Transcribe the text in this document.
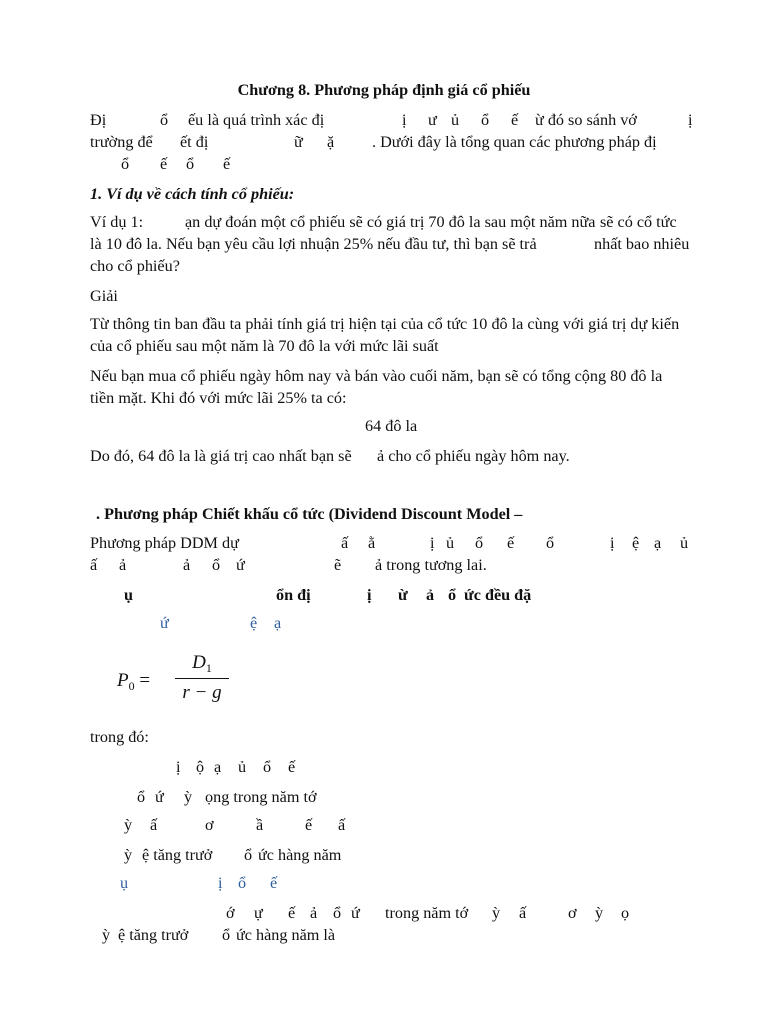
Chương 8. Phương pháp định giá cổ phiếu
Đị	ổ ếu là quá trình xác đị	ị ư ủ ổ ế ừ đó so sánh vớ	ị
trường để ết đị	ữ ặ . Dưới đây là tổng quan các phương pháp đị
ổ ế ổ ế
1. Ví dụ về cách tính cổ phiếu:
Ví dụ 1:	ạn dự đoán một cổ phiếu sẽ có giá trị 70 đô la sau một năm nữa sẽ có cổ tức
là 10 đô la. Nếu bạn yêu cầu lợi nhuận 25% nếu đầu tư, thì bạn sẽ trả	nhất bao nhiêu
cho cổ phiếu?
Giải
Từ thông tin ban đầu ta phải tính giá trị hiện tại của cổ tức 10 đô la cùng với giá trị dự kiến
của cổ phiếu sau một năm là 70 đô la với mức lãi suất
Nếu bạn mua cổ phiếu ngày hôm nay và bán vào cuối năm, bạn sẽ có tổng cộng 80 đô la
tiền mặt. Khi đó với mức lãi 25% ta có:
64 đô la
Do đó, 64 đô la là giá trị cao nhất bạn sẽ ả cho cổ phiếu ngày hôm nay.
. Phương pháp Chiết khấu cổ tức (Dividend Discount Model –
Phương pháp DDM dự	ấ ằ	ị ủ ổ ế ổ	ị ệ ạ ủ
ấ ả	ả ổ ứ	ẽ ả trong tương lai.
ụ	ổn đị	ị ừ ả ổ ức đều đặ
ứ	ệ ạ
$P_0$ =
$D_1$
r − g
trong đó:
ị ộ ạ ủ ổ ế
ổ ứ ỳ ọng trong năm tớ
ỳ ấ	ơ	ầ	ế ấ
ỳ ệ tăng trưở ổ ức hàng năm
ụ	ị ổ ế
ớ ự ế ả ổ ứ trong năm tớ ỳ ấ	ơ ỳ ọ
ỳ ệ tăng trưở ổ ức hàng năm là
